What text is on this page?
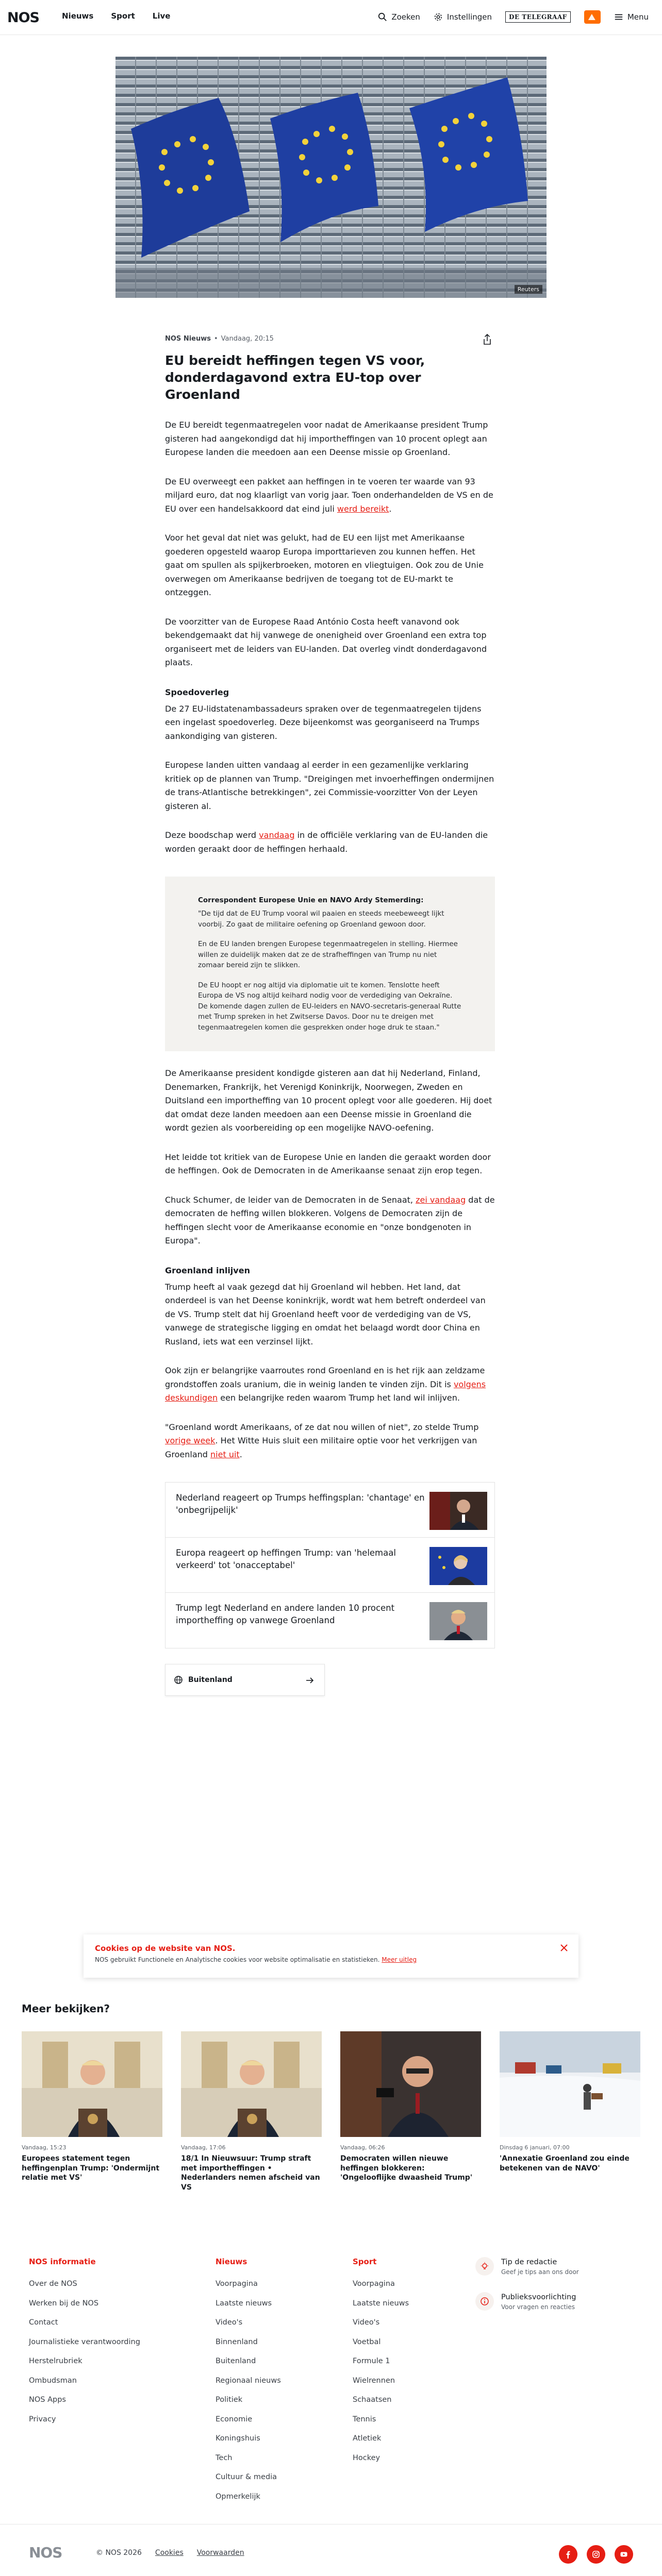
NOS	Nieuws Sport Live	Zoeken	Instellingen	DE TELEGRAAF	Menu
Reuters
NOS Nieuws • Vandaag, 20:15
EU bereidt heffingen tegen VS voor, donderdagavond extra EU-top over Groenland

De EU bereidt tegenmaatregelen voor nadat de Amerikaanse president Trump gisteren had aangekondigd dat hij importheffingen van 10 procent oplegt aan Europese landen die meedoen aan een Deense missie op Groenland.

De EU overweegt een pakket aan heffingen in te voeren ter waarde van 93 miljard euro, dat nog klaarligt van vorig jaar. Toen onderhandelden de VS en de EU over een handelsakkoord dat eind juli werd bereikt.

Voor het geval dat niet was gelukt, had de EU een lijst met Amerikaanse goederen opgesteld waarop Europa importtarieven zou kunnen heffen. Het gaat om spullen als spijkerbroeken, motoren en vliegtuigen. Ook zou de Unie overwegen om Amerikaanse bedrijven de toegang tot de EU-markt te ontzeggen.

De voorzitter van de Europese Raad António Costa heeft vanavond ook bekendgemaakt dat hij vanwege de onenigheid over Groenland een extra top organiseert met de leiders van EU-landen. Dat overleg vindt donderdagavond plaats.

Spoedoverleg

De 27 EU-lidstatenambassadeurs spraken over de tegenmaatregelen tijdens een ingelast spoedoverleg. Deze bijeenkomst was georganiseerd na Trumps aankondiging van gisteren.

Europese landen uitten vandaag al eerder in een gezamenlijke verklaring kritiek op de plannen van Trump. "Dreigingen met invoerheffingen ondermijnen de trans-Atlantische betrekkingen", zei Commissie-voorzitter Von der Leyen gisteren al.

Deze boodschap werd vandaag in de officiële verklaring van de EU-landen die worden geraakt door de heffingen herhaald.

Correspondent Europese Unie en NAVO Ardy Stemerding:
"De tijd dat de EU Trump vooral wil paaien en steeds meebeweegt lijkt voorbij. Zo gaat de militaire oefening op Groenland gewoon door.
En de EU landen brengen Europese tegenmaatregelen in stelling. Hiermee willen ze duidelijk maken dat ze de strafheffingen van Trump nu niet zomaar bereid zijn te slikken.
De EU hoopt er nog altijd via diplomatie uit te komen. Tenslotte heeft Europa de VS nog altijd keihard nodig voor de verdediging van Oekraïne. De komende dagen zullen de EU-leiders en NAVO-secretaris-generaal Rutte met Trump spreken in het Zwitserse Davos. Door nu te dreigen met tegenmaatregelen komen die gesprekken onder hoge druk te staan."

De Amerikaanse president kondigde gisteren aan dat hij Nederland, Finland, Denemarken, Frankrijk, het Verenigd Koninkrijk, Noorwegen, Zweden en Duitsland een importheffing van 10 procent oplegt voor alle goederen. Hij doet dat omdat deze landen meedoen aan een Deense missie in Groenland die wordt gezien als voorbereiding op een mogelijke NAVO-oefening.

Het leidde tot kritiek van de Europese Unie en landen die geraakt worden door de heffingen. Ook de Democraten in de Amerikaanse senaat zijn erop tegen.

Chuck Schumer, de leider van de Democraten in de Senaat, zei vandaag dat de democraten de heffing willen blokkeren. Volgens de Democraten zijn de heffingen slecht voor de Amerikaanse economie en "onze bondgenoten in Europa".

Groenland inlijven

Trump heeft al vaak gezegd dat hij Groenland wil hebben. Het land, dat onderdeel is van het Deense koninkrijk, wordt wat hem betreft onderdeel van de VS. Trump stelt dat hij Groenland heeft voor de verdediging van de VS, vanwege de strategische ligging en omdat het belaagd wordt door China en Rusland, iets wat een verzinsel lijkt.

Ook zijn er belangrijke vaarroutes rond Groenland en is het rijk aan zeldzame grondstoffen zoals uranium, die in weinig landen te vinden zijn. Dit is volgens deskundigen een belangrijke reden waarom Trump het land wil inlijven.

"Groenland wordt Amerikaans, of ze dat nou willen of niet", zo stelde Trump vorige week. Het Witte Huis sluit een militaire optie voor het verkrijgen van Groenland niet uit.

Nederland reageert op Trumps heffingsplan: 'chantage' en 'onbegrijpelijk'
Europa reageert op heffingen Trump: van 'helemaal verkeerd' tot 'onacceptabel'
Trump legt Nederland en andere landen 10 procent importheffing op vanwege Groenland
Buitenland
Cookies op de website van NOS.
NOS gebruikt Functionele en Analytische cookies voor website optimalisatie en statistieken. Meer uitleg
Meer bekijken?
Vandaag, 15:23
Europees statement tegen heffingenplan Trump: 'Ondermijnt relatie met VS'
Vandaag, 17:06
18/1 In Nieuwsuur: Trump straft met importheffingen • Nederlanders nemen afscheid van VS
Vandaag, 06:26
Democraten willen nieuwe heffingen blokkeren: 'Ongelooflijke dwaasheid Trump'
Dinsdag 6 januari, 07:00
'Annexatie Groenland zou einde betekenen van de NAVO'
NOS informatie
Over de NOS
Werken bij de NOS
Contact
Journalistieke verantwoording
Herstelrubriek
Ombudsman
NOS Apps
Privacy
Nieuws
Voorpagina
Laatste nieuws
Video's
Binnenland
Buitenland
Regionaal nieuws
Politiek
Economie
Koningshuis
Tech
Cultuur & media
Opmerkelijk
Sport
Voorpagina
Laatste nieuws
Video's
Voetbal
Formule 1
Wielrennen
Schaatsen
Tennis
Atletiek
Hockey
Tip de redactie
Geef je tips aan ons door
Publieksvoorlichting
Voor vragen en reacties
NOS	© NOS 2026 Cookies Voorwaarden
